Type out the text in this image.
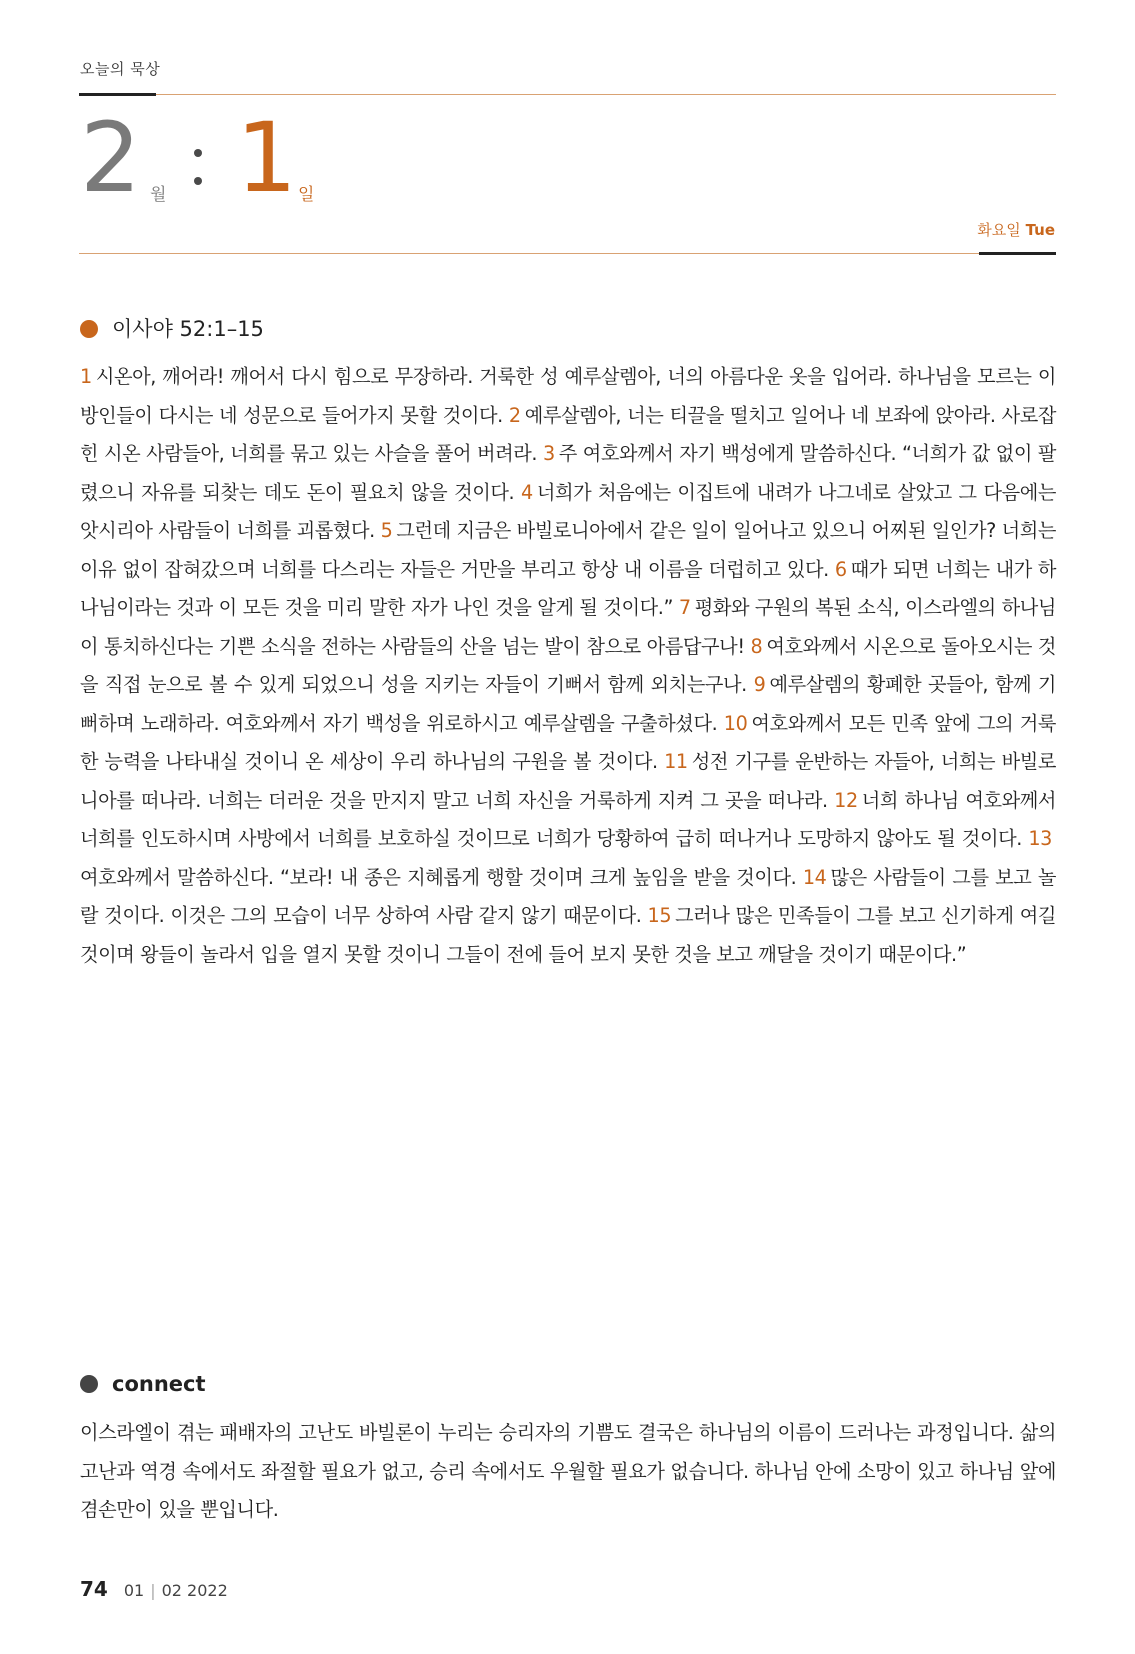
오늘의 묵상
2 월 1 일
화요일 Tue
이사야 52:1–15
1 시온아, 깨어라! 깨어서 다시 힘으로 무장하라. 거룩한 성 예루살렘아, 너의 아름다운 옷을 입어라. 하나님을 모르는 이방인들이 다시는 네 성문으로 들어가지 못할 것이다. 2 예루살렘아, 너는 티끌을 떨치고 일어나 네 보좌에 앉아라. 사로잡힌 시온 사람들아, 너희를 묶고 있는 사슬을 풀어 버려라. 3 주 여호와께서 자기 백성에게 말씀하신다. “너희가 값 없이 팔렸으니 자유를 되찾는 데도 돈이 필요치 않을 것이다. 4 너희가 처음에는 이집트에 내려가 나그네로 살았고 그 다음에는 앗시리아 사람들이 너희를 괴롭혔다. 5 그런데 지금은 바빌로니아에서 같은 일이 일어나고 있으니 어찌된 일인가? 너희는 이유 없이 잡혀갔으며 너희를 다스리는 자들은 거만을 부리고 항상 내 이름을 더럽히고 있다. 6 때가 되면 너희는 내가 하나님이라는 것과 이 모든 것을 미리 말한 자가 나인 것을 알게 될 것이다.” 7 평화와 구원의 복된 소식, 이스라엘의 하나님이 통치하신다는 기쁜 소식을 전하는 사람들의 산을 넘는 발이 참으로 아름답구나! 8 여호와께서 시온으로 돌아오시는 것을 직접 눈으로 볼 수 있게 되었으니 성을 지키는 자들이 기뻐서 함께 외치는구나. 9 예루살렘의 황폐한 곳들아, 함께 기뻐하며 노래하라. 여호와께서 자기 백성을 위로하시고 예루살렘을 구출하셨다. 10 여호와께서 모든 민족 앞에 그의 거룩한 능력을 나타내실 것이니 온 세상이 우리 하나님의 구원을 볼 것이다. 11 성전 기구를 운반하는 자들아, 너희는 바빌로니아를 떠나라. 너희는 더러운 것을 만지지 말고 너희 자신을 거룩하게 지켜 그 곳을 떠나라. 12 너희 하나님 여호와께서 너희를 인도하시며 사방에서 너희를 보호하실 것이므로 너희가 당황하여 급히 떠나거나 도망하지 않아도 될 것이다. 13여호와께서 말씀하신다. “보라! 내 종은 지혜롭게 행할 것이며 크게 높임을 받을 것이다. 14 많은 사람들이 그를 보고 놀랄 것이다. 이것은 그의 모습이 너무 상하여 사람 같지 않기 때문이다. 15 그러나 많은 민족들이 그를 보고 신기하게 여길 것이며 왕들이 놀라서 입을 열지 못할 것이니 그들이 전에 들어 보지 못한 것을 보고 깨달을 것이기 때문이다.”
connect
이스라엘이 겪는 패배자의 고난도 바빌론이 누리는 승리자의 기쁨도 결국은 하나님의 이름이 드러나는 과정입니다. 삶의 고난과 역경 속에서도 좌절할 필요가 없고, 승리 속에서도 우월할 필요가 없습니다. 하나님 안에 소망이 있고 하나님 앞에 겸손만이 있을 뿐입니다.
74 01 | 02 2022
